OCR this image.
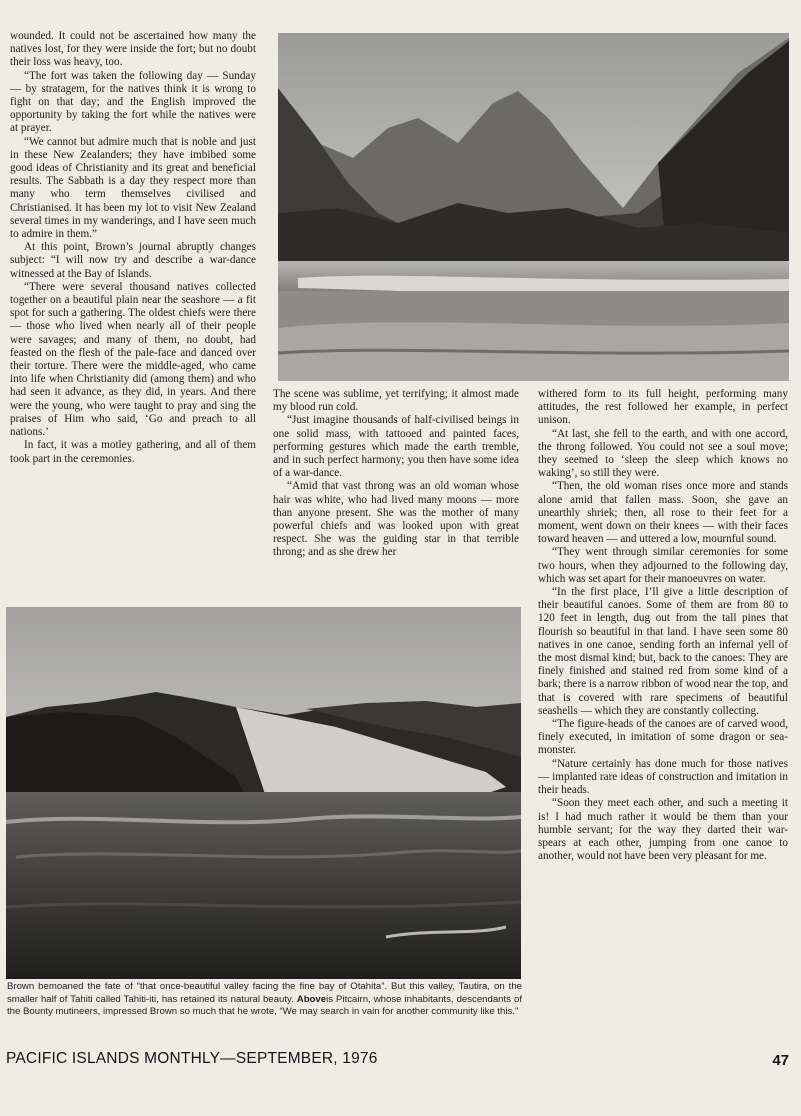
wounded. It could not be ascertained how many the natives lost, for they were inside the fort; but no doubt their loss was heavy, too.

“The fort was taken the following day — Sunday — by stratagem, for the natives think it is wrong to fight on that day; and the English improved the opportunity by taking the fort while the natives were at prayer.

“We cannot but admire much that is noble and just in these New Zealanders; they have imbibed some good ideas of Christianity and its great and beneficial results. The Sabbath is a day they respect more than many who term themselves civilised and Christianised. It has been my lot to visit New Zealand several times in my wanderings, and I have seen much to admire in them.”

At this point, Brown’s journal abruptly changes subject: “I will now try and describe a war-dance witnessed at the Bay of Islands.

“There were several thousand natives collected together on a beautiful plain near the seashore — a fit spot for such a gathering. The oldest chiefs were there — those who lived when nearly all of their people were savages; and many of them, no doubt, had feasted on the flesh of the pale-face and danced over their torture. There were the middle-aged, who came into life when Christianity did (among them) and who had seen it advance, as they did, in years. And there were the young, who were taught to pray and sing the praises of Him who said, ‘Go and preach to all nations.’

In fact, it was a motley gathering, and all of them took part in the ceremonies.

The scene was sublime, yet terrifying; it almost made my blood run cold.

“Just imagine thousands of half-civilised beings in one solid mass, with tattooed and painted faces, performing gestures which made the earth tremble, and in such perfect harmony; you then have some idea of a war-dance.

“Amid that vast throng was an old woman whose hair was white, who had lived many moons — more than anyone present. She was the mother of many powerful chiefs and was looked upon with great respect. She was the guiding star in that terrible throng; and as she drew her

withered form to its full height, performing many attitudes, the rest followed her example, in perfect unison.

“At last, she fell to the earth, and with one accord, the throng followed. You could not see a soul move; they seemed to ‘sleep the sleep which knows no waking’, so still they were.

“Then, the old woman rises once more and stands alone amid that fallen mass. Soon, she gave an unearthly shriek; then, all rose to their feet for a moment, went down on their knees — with their faces toward heaven — and uttered a low, mournful sound.

“They went through similar ceremonies for some two hours, when they adjourned to the following day, which was set apart for their manoeuvres on water.

“In the first place, I’ll give a little description of their beautiful canoes. Some of them are from 80 to 120 feet in length, dug out from the tall pines that flourish so beautiful in that land. I have seen some 80 natives in one canoe, sending forth an infernal yell of the most dismal kind; but, back to the canoes: They are finely finished and stained red from some kind of a bark; there is a narrow ribbon of wood near the top, and that is covered with rare specimens of beautiful seashells — which they are constantly collecting.

“The figure-heads of the canoes are of carved wood, finely executed, in imitation of some dragon or sea-monster.

“Nature certainly has done much for those natives — implanted rare ideas of construction and imitation in their heads.

“Soon they meet each other, and such a meeting it is! I had much rather it would be them than your humble servant; for the way they darted their war-spears at each other, jumping from one canoe to another, would not have been very pleasant for me.

Brown bemoaned the fate of “that once-beautiful valley facing the fine bay of Otahita”. But this valley, Tautira, on the smaller half of Tahiti called Tahiti-iti, has retained its natural beauty. Aboveis Pitcairn, whose inhabitants, descendants of the Bounty mutineers, impressed Brown so much that he wrote, “We may search in vain for another community like this.”
PACIFIC ISLANDS MONTHLY—SEPTEMBER, 1976	47
